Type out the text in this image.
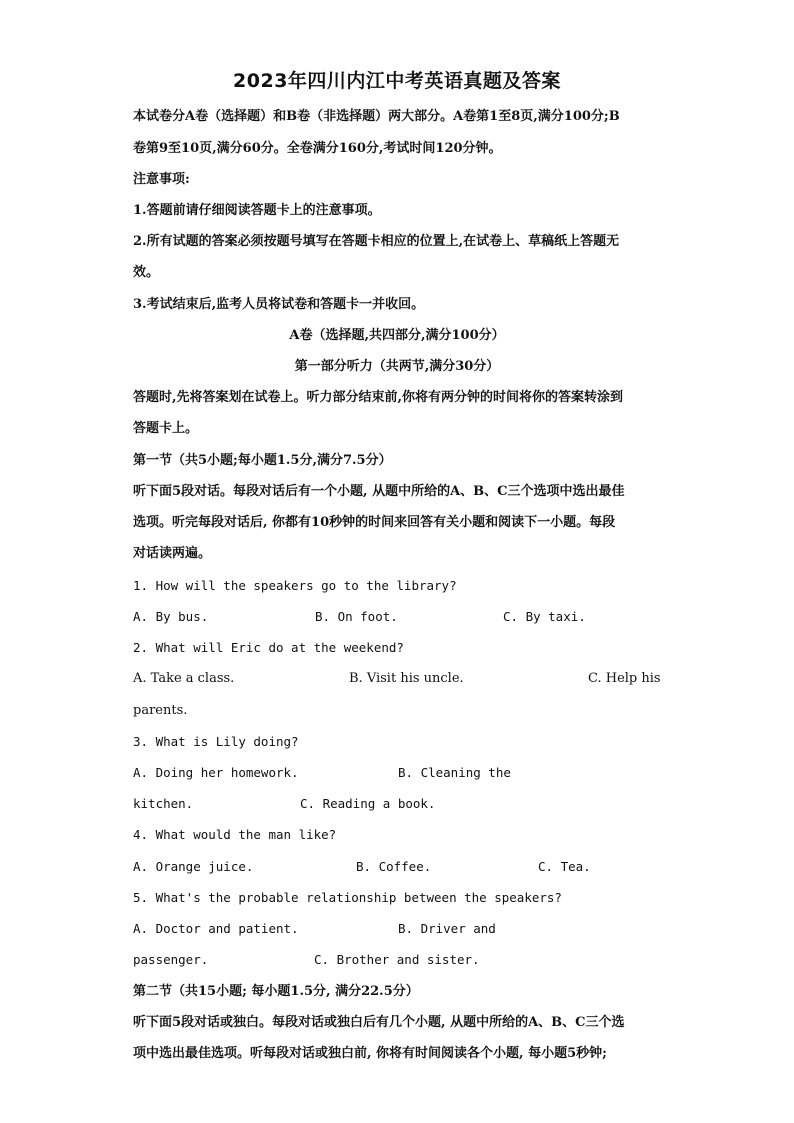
2023年四川内江中考英语真题及答案
本试卷分A卷（选择题）和B卷（非选择题）两大部分。A卷第1至8页,满分100分;B
卷第9至10页,满分60分。全卷满分160分,考试时间120分钟。
注意事项:
1.答题前请仔细阅读答题卡上的注意事项。
2.所有试题的答案必须按题号填写在答题卡相应的位置上,在试卷上、草稿纸上答题无
效。
3.考试结束后,监考人员将试卷和答题卡一并收回。
A卷（选择题,共四部分,满分100分）
第一部分听力（共两节,满分30分）
答题时,先将答案划在试卷上。听力部分结束前,你将有两分钟的时间将你的答案转涂到
答题卡上。
第一节（共5小题;每小题1.5分,满分7.5分）
听下面5段对话。每段对话后有一个小题, 从题中所给的A、B、C三个选项中选出最佳
选项。听完每段对话后, 你都有10秒钟的时间来回答有关小题和阅读下一小题。每段
对话读两遍。
1. How will the speakers go to the library?
A. By bus.	B. On foot.	C. By taxi.
2. What will Eric do at the weekend?
A. Take a class.	B. Visit his uncle.	C. Help his
parents.
3. What is Lily doing?
A. Doing her homework.	B. Cleaning the
kitchen.	C. Reading a book.
4. What would the man like?
A. Orange juice.	B. Coffee.	C. Tea.
5. What's the probable relationship between the speakers?
A. Doctor and patient.	B. Driver and
passenger.	C. Brother and sister.
第二节（共15小题; 每小题1.5分, 满分22.5分）
听下面5段对话或独白。每段对话或独白后有几个小题, 从题中所给的A、B、C三个选
项中选出最佳选项。听每段对话或独白前, 你将有时间阅读各个小题, 每小题5秒钟;
